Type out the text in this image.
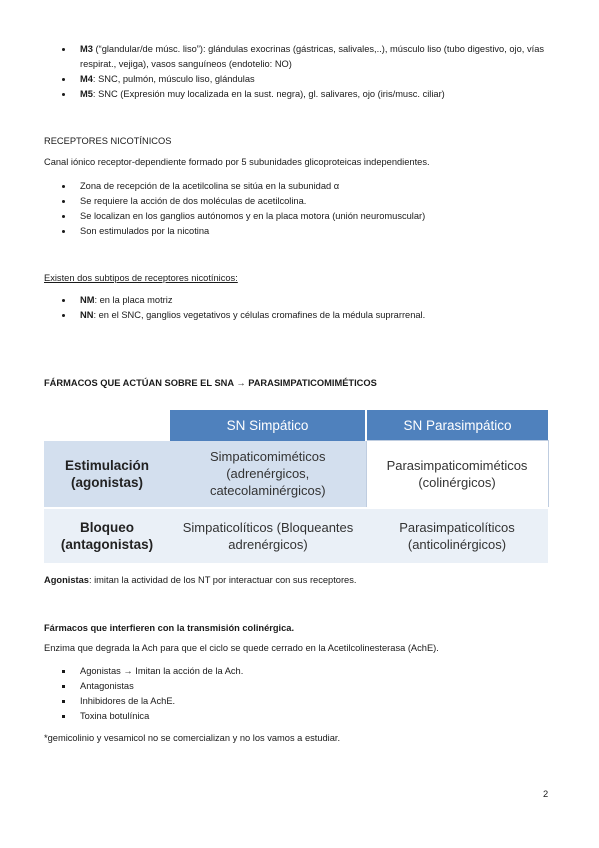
M3 (“glandular/de músc. liso”): glándulas exocrinas (gástricas, salivales,..), músculo liso (tubo digestivo, ojo, vías respirat., vejiga), vasos sanguíneos (endotelio: NO)
M4: SNC, pulmón, músculo liso, glándulas
M5: SNC (Expresión muy localizada en la sust. negra), gl. salivares, ojo (iris/musc. ciliar)
RECEPTORES NICOTÍNICOS
Canal iónico receptor-dependiente formado por 5 subunidades glicoproteicas independientes.
Zona de recepción de la acetilcolina se sitúa en la subunidad α
Se requiere la acción de dos moléculas de acetilcolina.
Se localizan en los ganglios autónomos y en la placa motora (unión neuromuscular)
Son estimulados por la nicotina
Existen dos subtipos de receptores nicotínicos:
NM: en la placa motriz
NN: en el SNC, ganglios vegetativos y células cromafines de la médula suprarrenal.
FÁRMACOS QUE ACTÚAN SOBRE EL SNA → PARASIMPATICOMIMÉTICOS
	SN Simpático	SN Parasimpático

Estimulación (agonistas)	Simpaticomiméticos (adrenérgicos, catecolaminérgicos)	Parasimpaticomiméticos (colinérgicos)

Bloqueo (antagonistas)	Simpaticolíticos (Bloqueantes adrenérgicos)	Parasimpaticolíticos (anticolinérgicos)
Agonistas: imitan la actividad de los NT por interactuar con sus receptores.
Fármacos que interfieren con la transmisión colinérgica.
Enzima que degrada la Ach para que el ciclo se quede cerrado en la Acetilcolinesterasa (AchE).
Agonistas → Imitan la acción de la Ach.
Antagonistas
Inhibidores de la AchE.
Toxina botulínica
*gemicolinio y vesamicol no se comercializan y no los vamos a estudiar.
2
